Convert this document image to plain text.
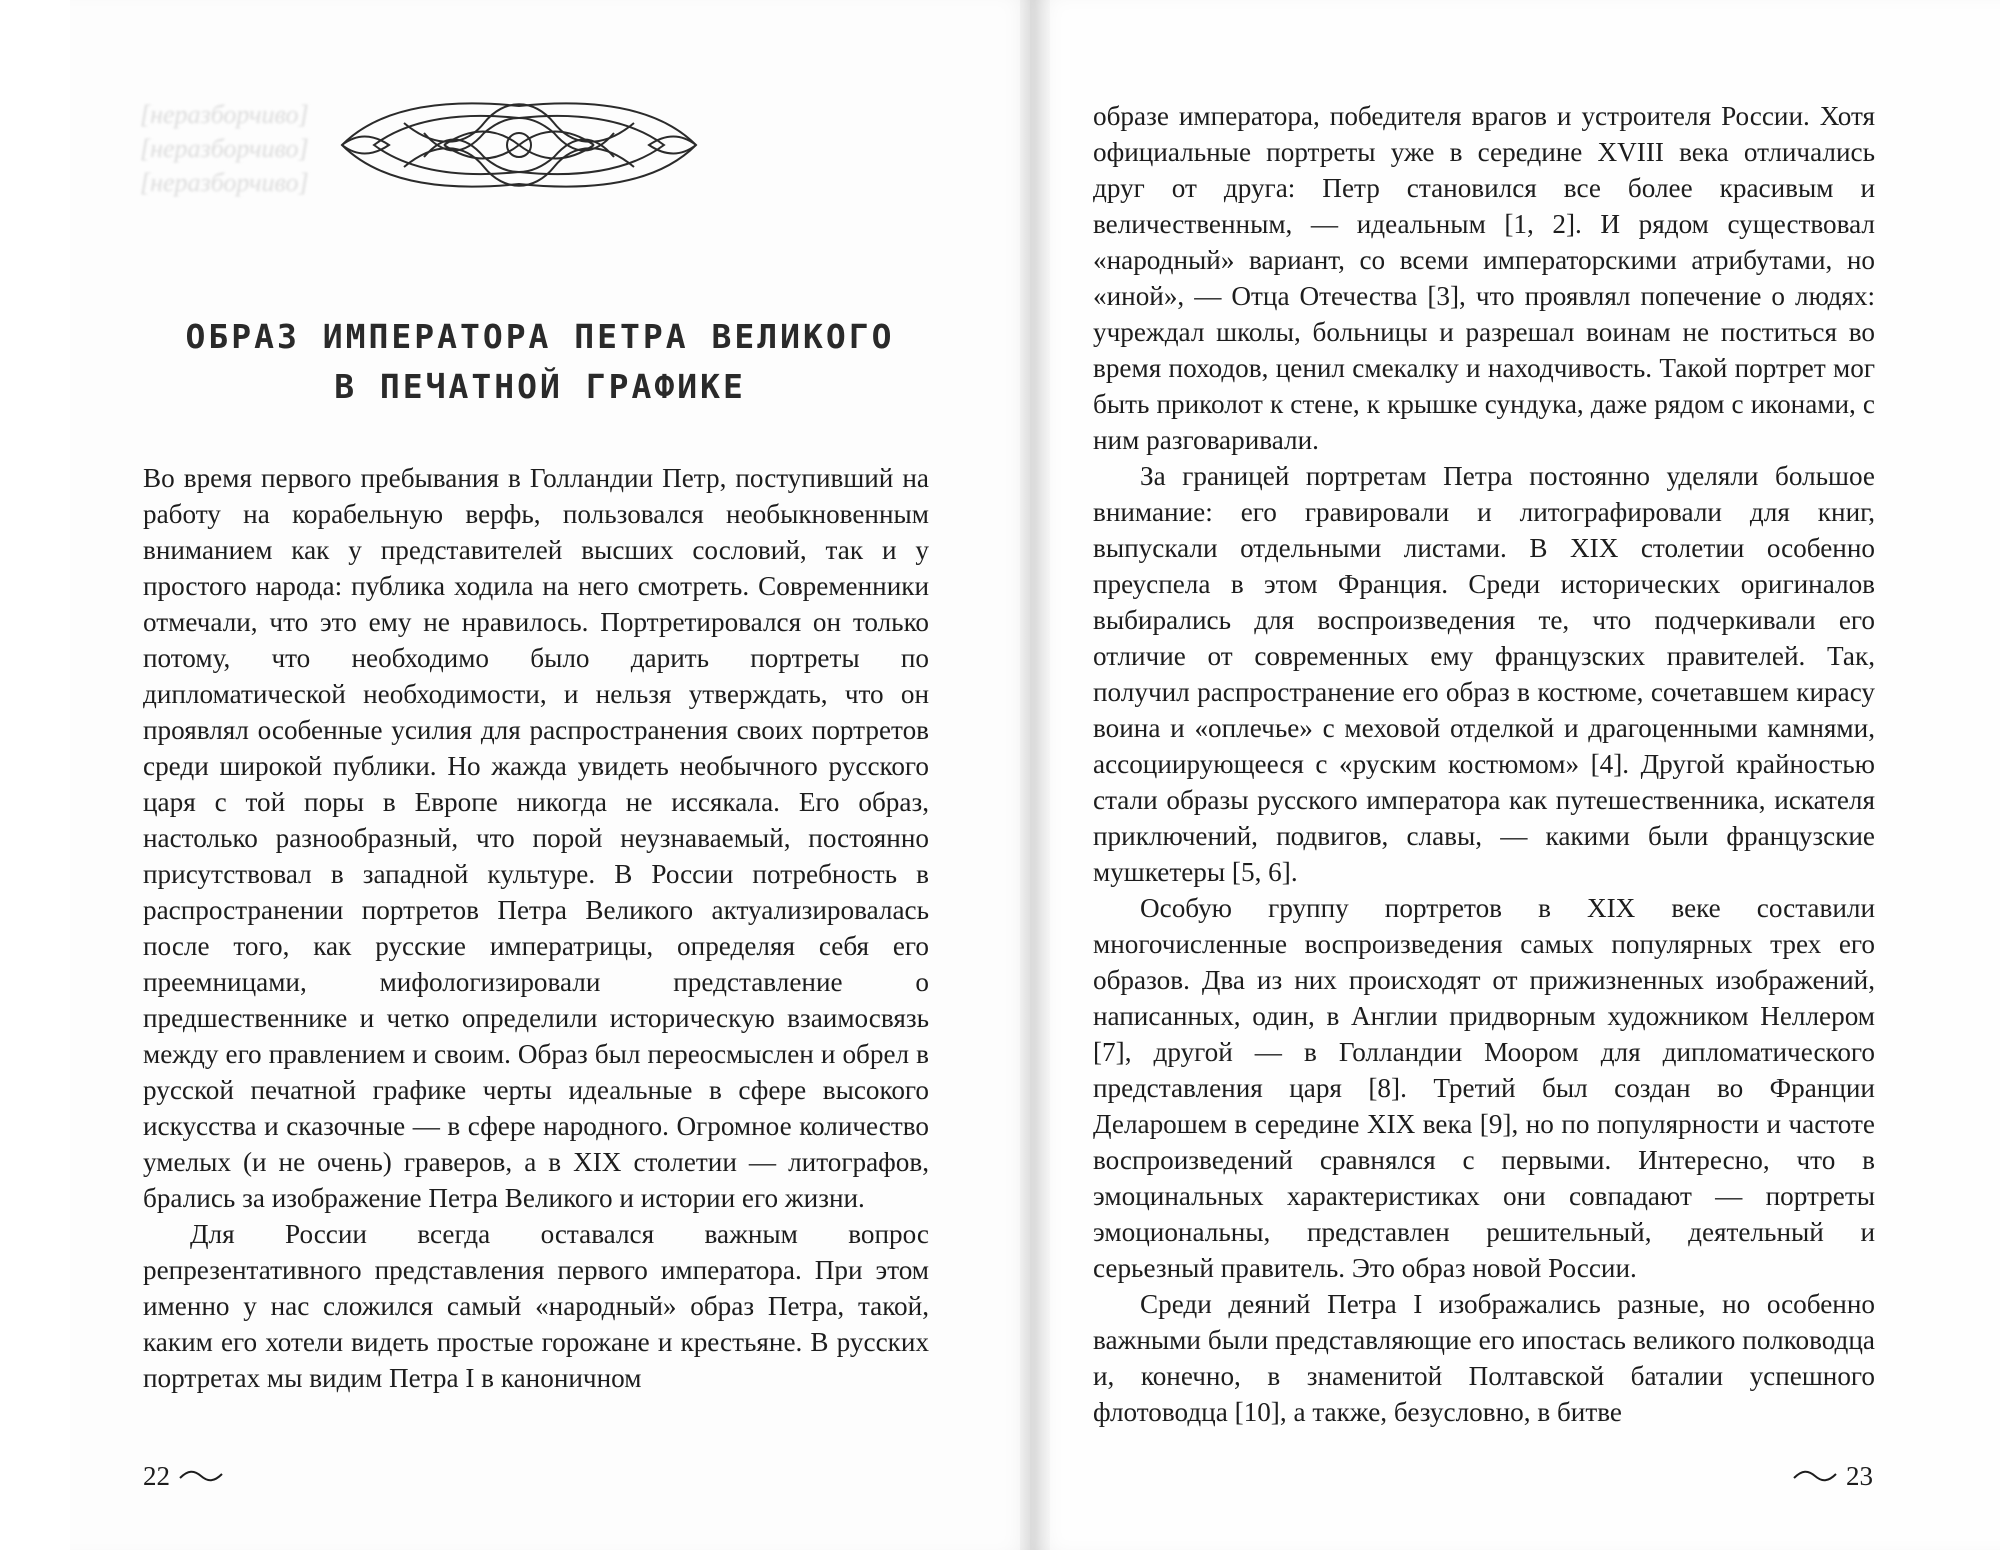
[неразборчиво]
[неразборчиво]
[неразборчиво]
ОБРАЗ ИМПЕРАТОРА ПЕТРА ВЕЛИКОГО
В ПЕЧАТНОЙ ГРАФИКЕ

Во время первого пребывания в Голландии Петр, поступивший на работу на корабельную верфь, пользовался необыкновенным вниманием как у представителей высших сословий, так и у простого народа: публика ходила на него смотреть. Современники отмечали, что это ему не нравилось. Портретировался он только потому, что необходимо было дарить портреты по дипломатической необходимости, и нельзя утверждать, что он проявлял особенные усилия для распространения своих портретов среди широкой публики. Но жажда увидеть необычного русского царя с той поры в Европе никогда не иссякала. Его образ, настолько разнообразный, что порой неузнаваемый, постоянно присутствовал в западной культуре. В России потребность в распространении портретов Петра Великого актуализировалась после того, как русские императрицы, определяя себя его преемницами, мифологизировали представление о предшественнике и четко определили историческую взаимосвязь между его правлением и своим. Образ был переосмыслен и обрел в русской печатной графике черты идеальные в сфере высокого искусства и сказочные — в сфере народного. Огромное количество умелых (и не очень) граверов, а в XIX столетии — литографов, брались за изображение Петра Великого и истории его жизни.

Для России всегда оставался важным вопрос репрезентативного представления первого императора. При этом именно у нас сложился самый «народный» образ Петра, такой, каким его хотели видеть простые горожане и крестьяне. В русских портретах мы видим Петра I в каноничном

образе императора, победителя врагов и устроителя России. Хотя официальные портреты уже в середине XVIII века отличались друг от друга: Петр становился все более красивым и величественным, — идеальным [1, 2]. И рядом существовал «народный» вариант, со всеми императорскими атрибутами, но «иной», — Отца Отечества [3], что проявлял попечение о людях: учреждал школы, больницы и разрешал воинам не поститься во время походов, ценил смекалку и находчивость. Такой портрет мог быть приколот к стене, к крышке сундука, даже рядом с иконами, с ним разговаривали.

За границей портретам Петра постоянно уделяли большое внимание: его гравировали и литографировали для книг, выпускали отдельными листами. В XIX столетии особенно преуспела в этом Франция. Среди исторических оригиналов выбирались для воспроизведения те, что подчеркивали его отличие от современных ему французских правителей. Так, получил распространение его образ в костюме, сочетавшем кирасу воина и «оплечье» с меховой отделкой и драгоценными камнями, ассоциирующееся с «руским костюмом» [4]. Другой крайностью стали образы русского императора как путешественника, искателя приключений, подвигов, славы, — какими были французские мушкетеры [5, 6].

Особую группу портретов в XIX веке составили многочисленные воспроизведения самых популярных трех его образов. Два из них происходят от прижизненных изображений, написанных, один, в Англии придворным художником Неллером [7], другой — в Голландии Моором для дипломатического представления царя [8]. Третий был создан во Франции Деларошем в середине XIX века [9], но по популярности и частоте воспроизведений сравнялся с первыми. Интересно, что в эмоцинальных характеристиках они совпадают — портреты эмоциональны, представлен решительный, деятельный и серьезный правитель. Это образ новой России.

Среди деяний Петра I изображались разные, но особенно важными были представляющие его ипостась великого полководца и, конечно, в знаменитой Полтавской баталии успешного флотоводца [10], а также, безусловно, в битве

22	23
